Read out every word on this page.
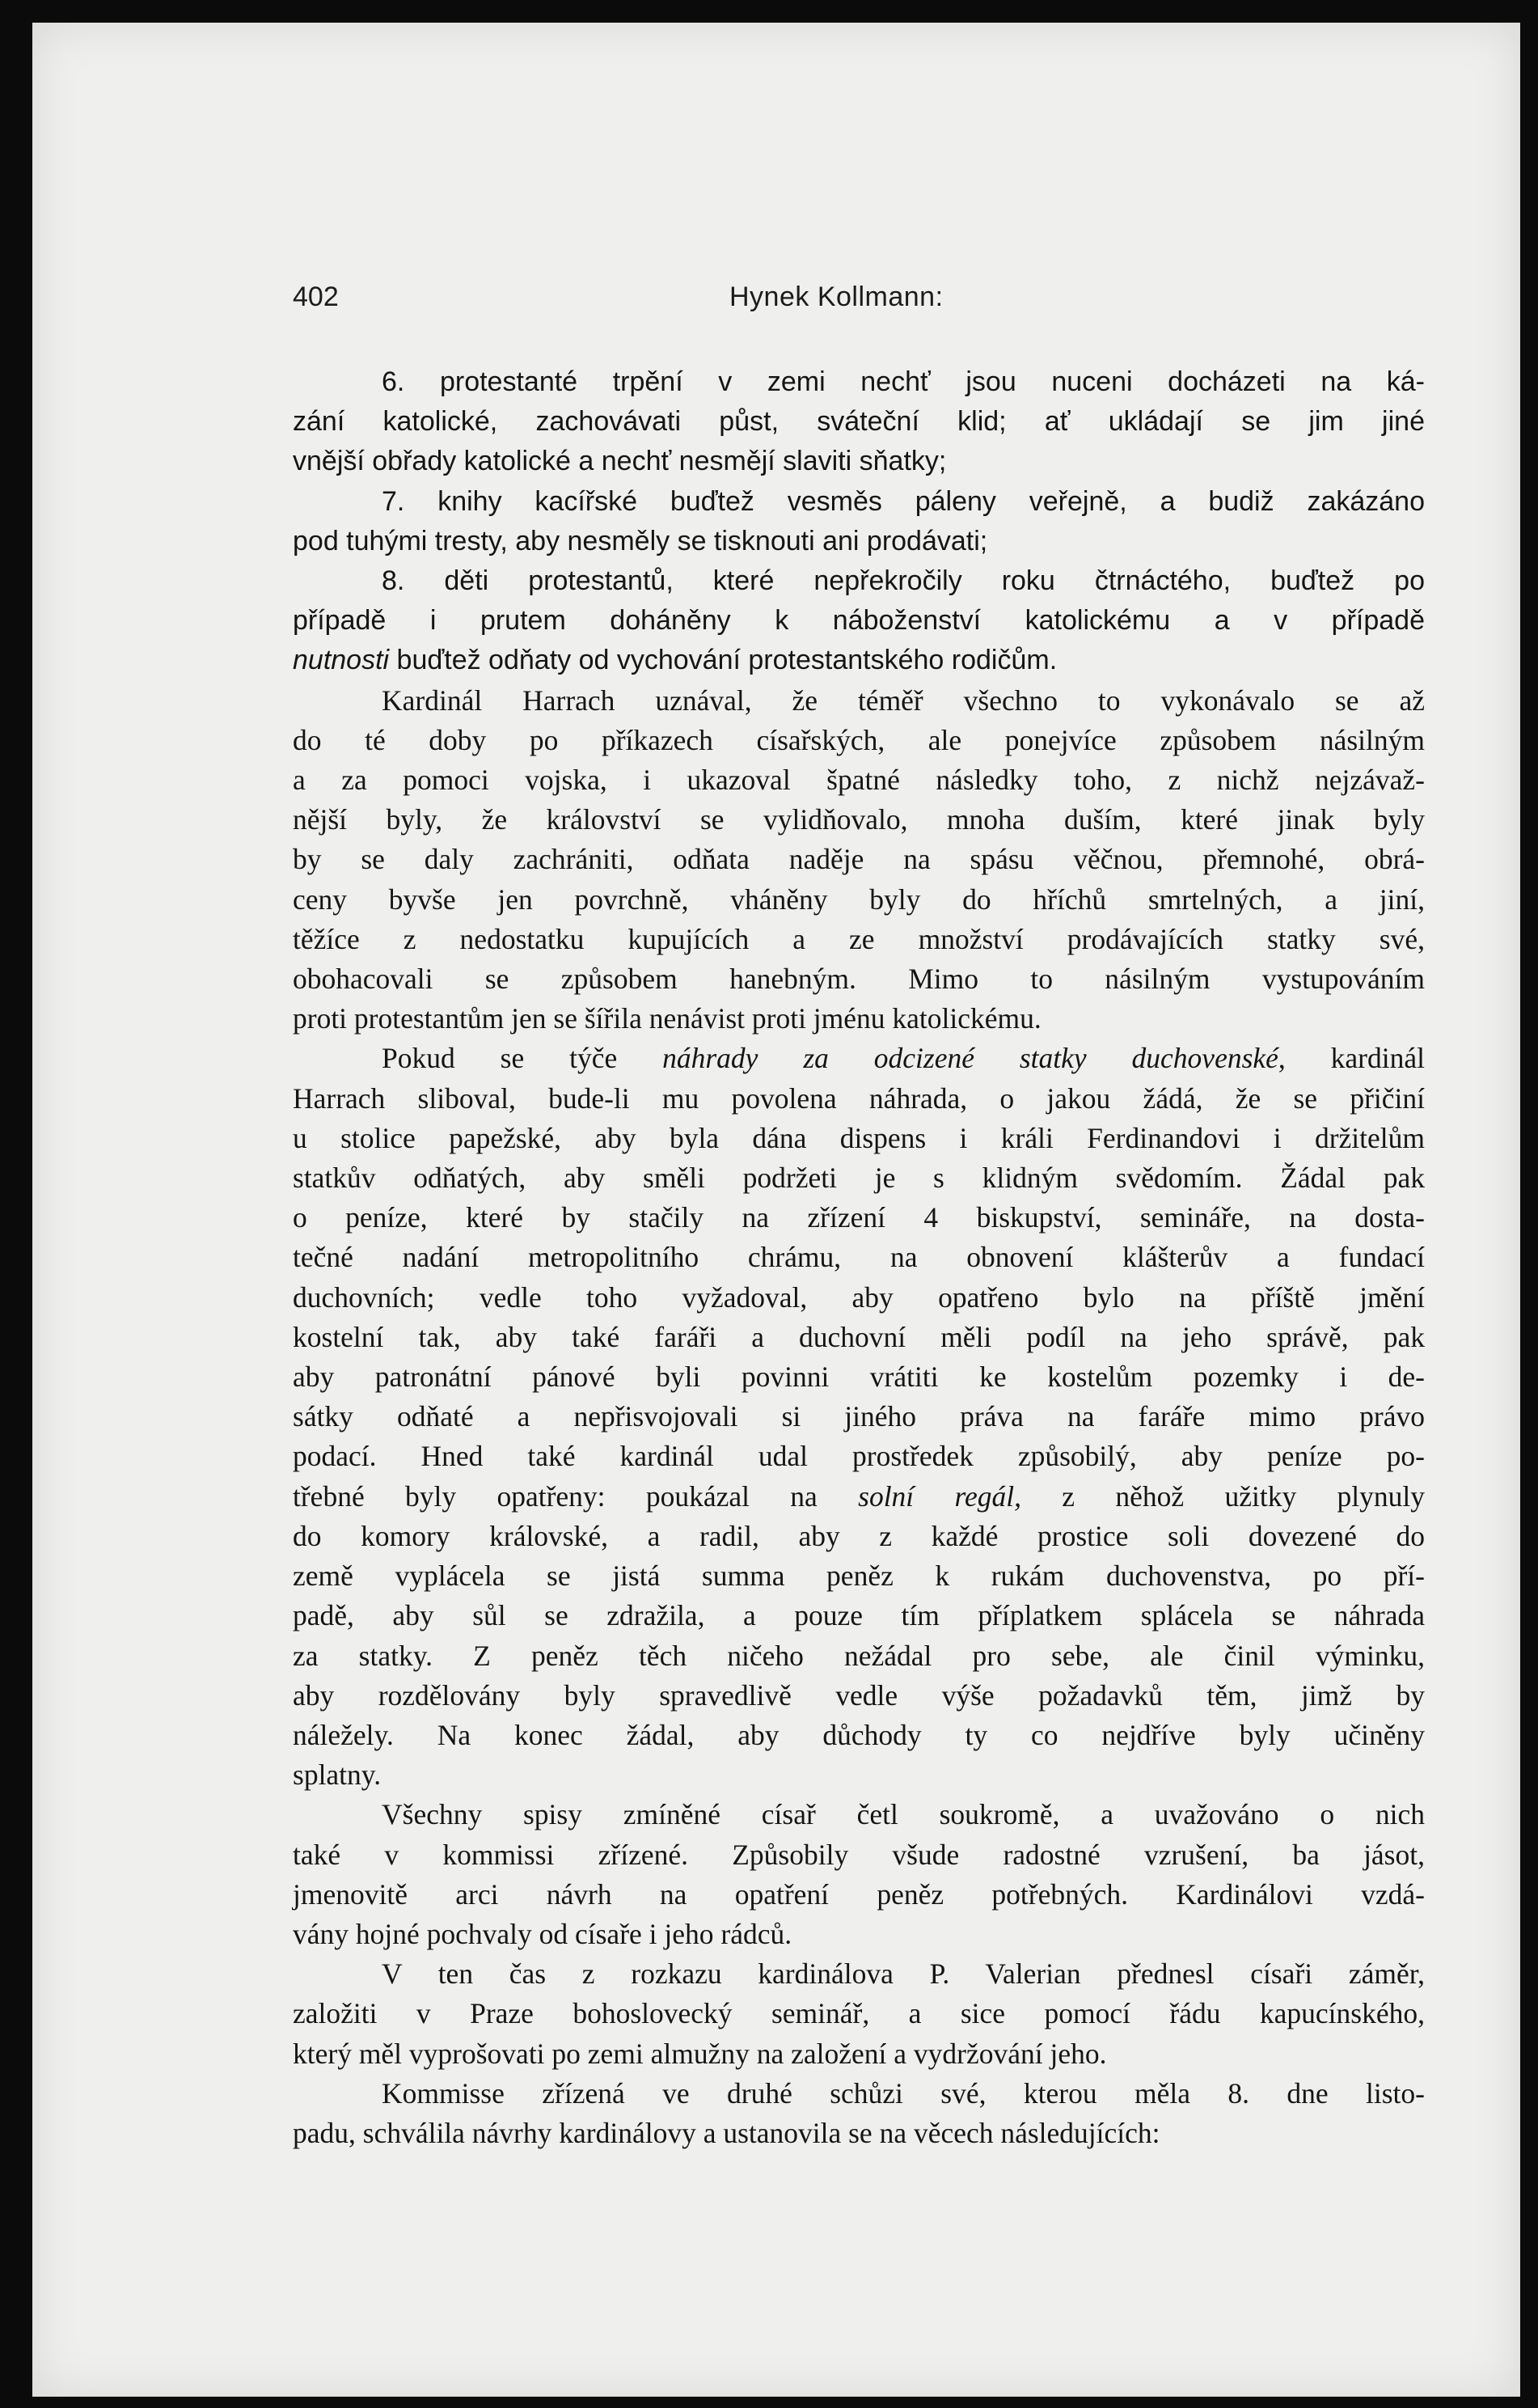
402	Hynek Kollmann:
6. protestanté trpění v zemi nechť jsou nuceni docházeti na ká-
zání katolické, zachovávati půst, sváteční klid; ať ukládají se jim jiné
vnější obřady katolické a nechť nesmějí slaviti sňatky;
7. knihy kacířské buďtež vesměs páleny veřejně, a budiž zakázáno
pod tuhými tresty, aby nesměly se tisknouti ani prodávati;
8. děti protestantů, které nepřekročily roku čtrnáctého, buďtež po
případě i prutem doháněny k náboženství katolickému a v případě
nutnosti buďtež odňaty od vychování protestantského rodičům.
Kardinál Harrach uznával, že téměř všechno to vykonávalo se až
do té doby po příkazech císařských, ale ponejvíce způsobem násilným
a za pomoci vojska, i ukazoval špatné následky toho, z nichž nejzávaž-
nější byly, že království se vylidňovalo, mnoha duším, které jinak byly
by se daly zachrániti, odňata naděje na spásu věčnou, přemnohé, obrá-
ceny byvše jen povrchně, vháněny byly do hříchů smrtelných, a jiní,
těžíce z nedostatku kupujících a ze množství prodávajících statky své,
obohacovali se způsobem hanebným. Mimo to násilným vystupováním
proti protestantům jen se šířila nenávist proti jménu katolickému.
Pokud se týče náhrady za odcizené statky duchovenské, kardinál
Harrach sliboval, bude-li mu povolena náhrada, o jakou žádá, že se přičiní
u stolice papežské, aby byla dána dispens i králi Ferdinandovi i držitelům
statkův odňatých, aby směli podržeti je s klidným svědomím. Žádal pak
o peníze, které by stačily na zřízení 4 biskupství, semináře, na dosta-
tečné nadání metropolitního chrámu, na obnovení klášterův a fundací
duchovních; vedle toho vyžadoval, aby opatřeno bylo na příště jmění
kostelní tak, aby také faráři a duchovní měli podíl na jeho správě, pak
aby patronátní pánové byli povinni vrátiti ke kostelům pozemky i de-
sátky odňaté a nepřisvojovali si jiného práva na faráře mimo právo
podací. Hned také kardinál udal prostředek způsobilý, aby peníze po-
třebné byly opatřeny: poukázal na solní regál, z něhož užitky plynuly
do komory královské, a radil, aby z každé prostice soli dovezené do
země vyplácela se jistá summa peněz k rukám duchovenstva, po pří-
padě, aby sůl se zdražila, a pouze tím příplatkem splácela se náhrada
za statky. Z peněz těch ničeho nežádal pro sebe, ale činil výminku,
aby rozdělovány byly spravedlivě vedle výše požadavků těm, jimž by
náležely. Na konec žádal, aby důchody ty co nejdříve byly učiněny
splatny.
Všechny spisy zmíněné císař četl soukromě, a uvažováno o nich
také v kommissi zřízené. Způsobily všude radostné vzrušení, ba jásot,
jmenovitě arci návrh na opatření peněz potřebných. Kardinálovi vzdá-
vány hojné pochvaly od císaře i jeho rádců.
V ten čas z rozkazu kardinálova P. Valerian přednesl císaři záměr,
založiti v Praze bohoslovecký seminář, a sice pomocí řádu kapucínského,
který měl vyprošovati po zemi almužny na založení a vydržování jeho.
Kommisse zřízená ve druhé schůzi své, kterou měla 8. dne listo-
padu, schválila návrhy kardinálovy a ustanovila se na věcech následujících:
